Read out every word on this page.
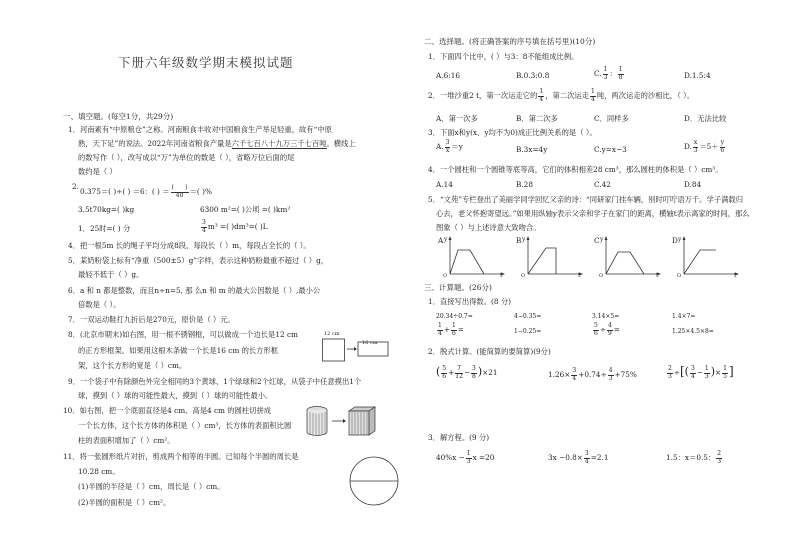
下册六年级数学期末模拟试题
一、填空题。(每空1分，共29分)
1．河南素有“中原粮仓”之称。河南粮食丰收对中国粮食生产举足轻重，故有“中原
熟，天下足”的说法。2022年河南省粮食产量是六千七百八十九万三千七百吨。横线上
的数写作（ ），改写成以“万”为单位的数是（ ），省略万位后面的尾
数约是（ ）
2.
0.375＝( )÷( ) ＝6：( ) ＝ $\frac{( )}{40}$ ＝( )%
3.5t70kg=( )kg	6300 m²=( )公顷 =( )km²
1．25时=( ) 分	$\frac{3}{4} m^3$ =( )dm³=( )L
4．把一根5m 长的绳子平均分成8段，每段长（ ）m，每段占全长的（ ）。
5．某奶粉袋上标有“净重（500±5）g”字样，表示这种奶粉最重不超过（ ）g，
最轻不低于（ ）g。
6．a 和 n 都是整数，而且n÷n=5, 那 么n 和 m 的最大公因数是（ ）,最小公
倍数是（ ）。
7．一双运动鞋打九折后是270元，原价是（ ）元。
8．(北京市期末)如右图，用一根不锈钢框，可以做成一个边长是12 cm
的正方形框架。如果用这根木条做一个长是16 cm 的长方形框
架，这个长方形的宽是（ ）cm。
12 cm
16 cm
9．一个袋子中有除颜色外完全相同的3个黄球、1个绿球和2个红球，从袋子中任意摸出1个
球，摸到（ ）球的可能性最大，摸到（ ）球的可能性最小。
10．如右图，把一个底面直径是4 cm、高是4 cm 的圆柱切拼成
一个长方体，这个长方体的体积是（ ）cm³，长方体的表面积比圆
柱的表面积增加了（ ）cm²。
11．将一张圆形纸片对折，剪成两个相等的半圆。已知每个半圆的周长是
10.28 cm。
(1)半圆的半径是（ ）cm，周长是（ ）cm。
(2)半圆的面积是（ ）cm²。
二、选择题。(将正确答案的序号填在括号里)(10分)
1．下面四个比中，( ）与3：8不能组成比例。
A.6:16	B.0.3:0.8	C. $\frac{1}{3}$ ： $\frac{1}{8}$	D.1.5:4
2．一堆沙重2 t，第一次运走它的 $\frac{1}{4}$ ，第二次运走 $\frac{1}{4}$ 吨，两次运走的沙相比，（ ）。
A．第一次多	B．第二次多	C．同样多	D．无法比较
3．下面x和y(x、y均不为0)成正比例关系的是（ ）。
A. $\frac{3}{x} =y$	B.3x=4y	C.y=x−3	D. $\frac{x}{3} =5+ \frac{y}{6}$
4．一个圆柱和一个圆锥等底等高，它们的体积相差28 cm³，那么圆柱的体积是（ ）cm³。
A.14	B.28	C.42	D.84
5．“文苑”专栏登出了美丽学同学回忆父亲的诗：“同研家门挂车辆，别时叮咛语万千。学子满载归
心去，老父怀抱寄望远。”如果用纵轴y表示父亲和学子在家门的距离，横轴t表示离家的时间，那么
图象（ ）与上述诗意大致吻合。
A	B	C	D
y	y	y	y
t	t	t	t
O	O	O	O
三、计算题。(26分)
1．直接写出得数。(8 分)
20.34÷0.7=	4−0.35=	3.14×5=	1.4×7=
$\frac{1}{4} + \frac{1}{6}$ =	1−0.25=	$\frac{5}{6} \div \frac{4}{9}$ =	1.25×4.5×8=
2．脱式计算。(能简算的要简算)(9分)
( $\frac{5}{6} + \frac{7}{12} - \frac{3}{8} )\times 21$	$1.26\times \frac{3}{4} +0.74\div \frac{4}{3} +75\%$	$\frac{2}{3}$ ÷[( $\frac{3}{4} - \frac{1}{3}$ )× $\frac{1}{5}$ ]
3．解方程。(9 分)
$40\%x - \frac{1}{3}$ x =20	$3x -0.8\times \frac{3}{4} =2.1$	1.5：x＝0.5： $\frac{2}{3}$
